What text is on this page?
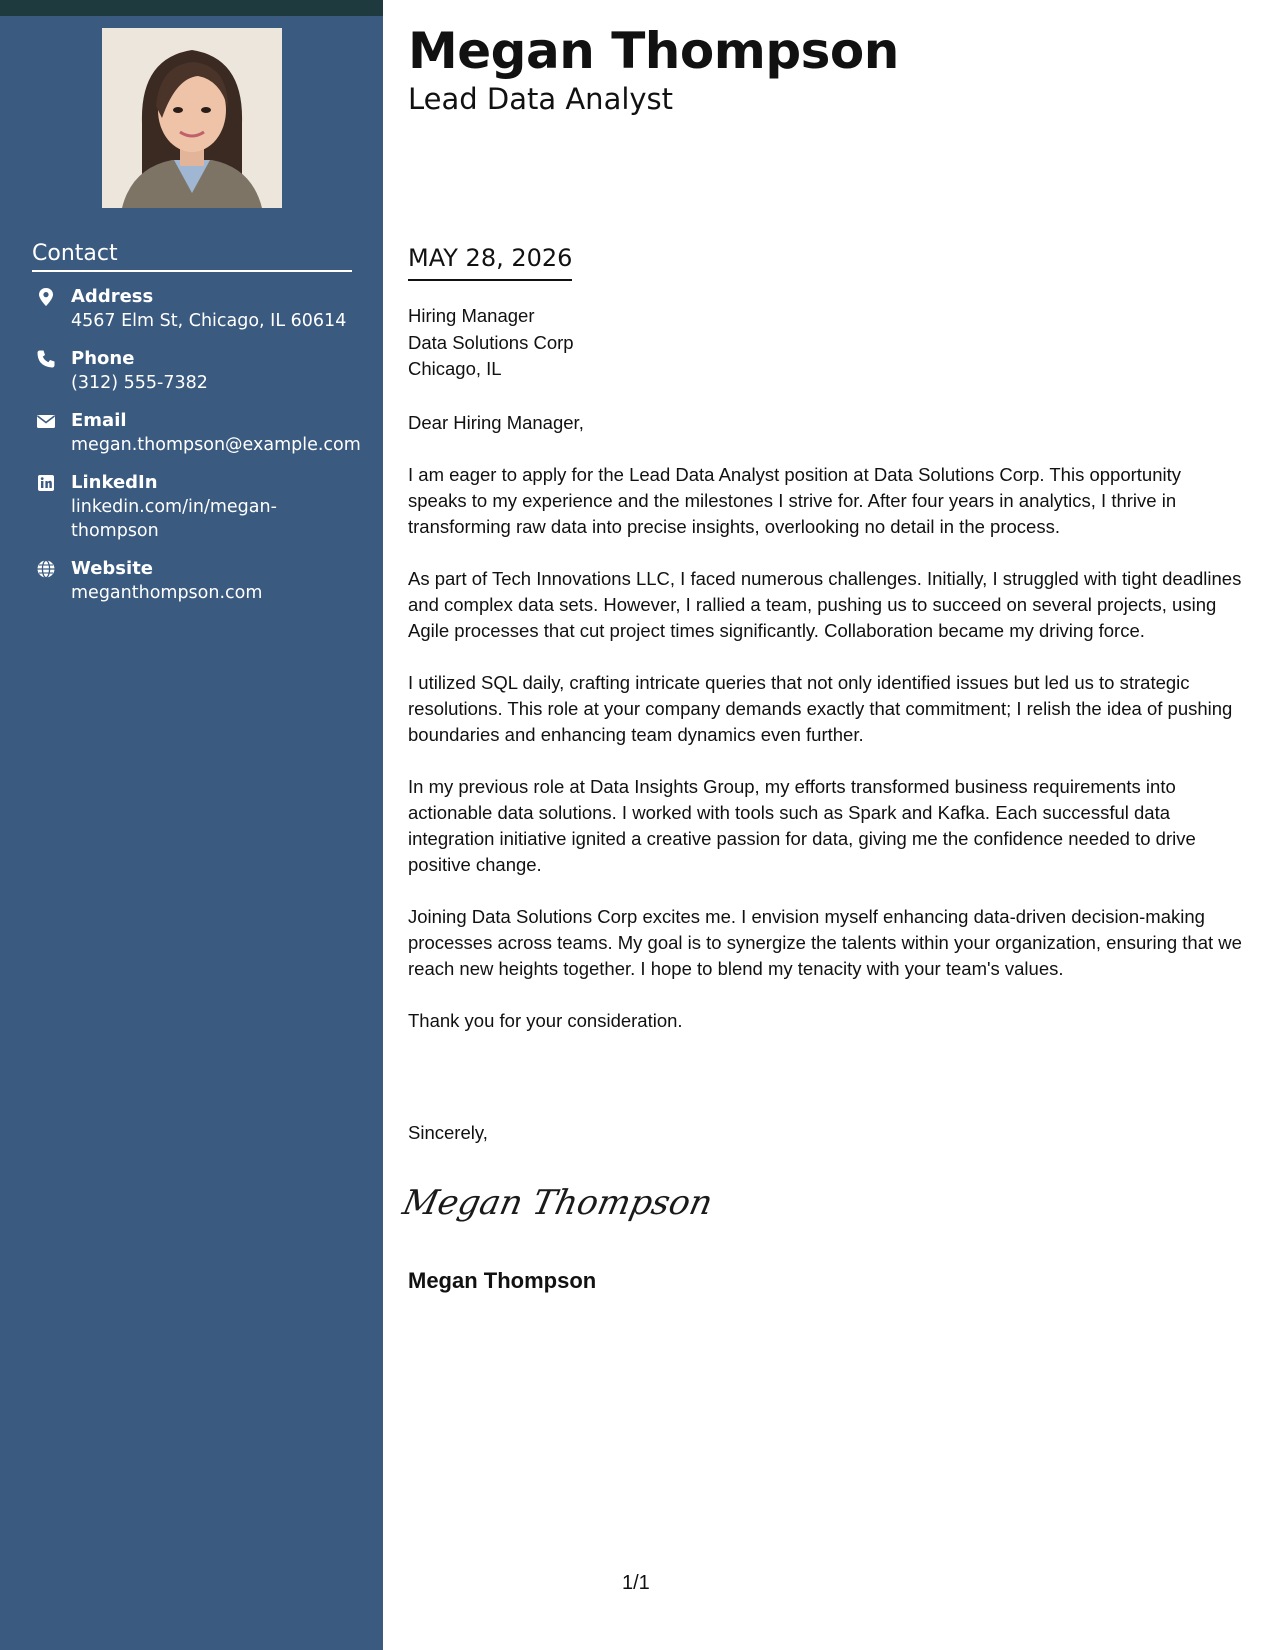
Contact
Address
4567 Elm St, Chicago, IL 60614
Phone
(312) 555-7382
Email
megan.thompson@example.com
LinkedIn
linkedin.com/in/megan-thompson
Website
meganthompson.com
Megan Thompson
Lead Data Analyst
MAY 28, 2026
Hiring Manager
Data Solutions Corp
Chicago, IL

Dear Hiring Manager,

I am eager to apply for the Lead Data Analyst position at Data Solutions Corp. This opportunity speaks to my experience and the milestones I strive for. After four years in analytics, I thrive in transforming raw data into precise insights, overlooking no detail in the process.

As part of Tech Innovations LLC, I faced numerous challenges. Initially, I struggled with tight deadlines and complex data sets. However, I rallied a team, pushing us to succeed on several projects, using Agile processes that cut project times significantly. Collaboration became my driving force.

I utilized SQL daily, crafting intricate queries that not only identified issues but led us to strategic resolutions. This role at your company demands exactly that commitment; I relish the idea of pushing boundaries and enhancing team dynamics even further.

In my previous role at Data Insights Group, my efforts transformed business requirements into actionable data solutions. I worked with tools such as Spark and Kafka. Each successful data integration initiative ignited a creative passion for data, giving me the confidence needed to drive positive change.

Joining Data Solutions Corp excites me. I envision myself enhancing data-driven decision-making processes across teams. My goal is to synergize the talents within your organization, ensuring that we reach new heights together. I hope to blend my tenacity with your team's values.

Thank you for your consideration.

Sincerely,
Megan Thompson
Megan Thompson
1/1
